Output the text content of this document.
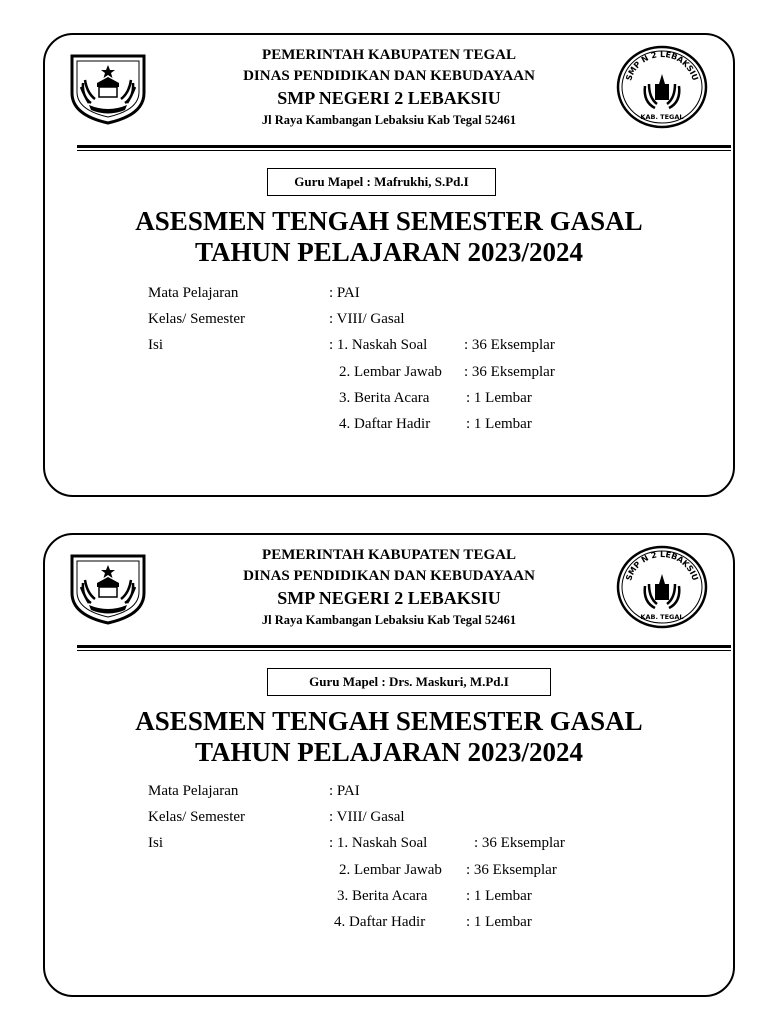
PEMERINTAH KABUPATEN TEGAL
DINAS PENDIDIKAN DAN KEBUDAYAAN
SMP NEGERI 2 LEBAKSIU
Jl Raya Kambangan Lebaksiu Kab Tegal 52461
SMP N 2 LEBAKSIU
KAB. TEGAL
Guru Mapel : Mafrukhi, S.Pd.I
ASESMEN TENGAH SEMESTER GASAL
TAHUN PELAJARAN 2023/2024
Mata Pelajaran	: PAI
Kelas/ Semester	: VIII/ Gasal
Isi	: 1. Naskah Soal : 36 Eksemplar
2. Lembar Jawab : 36 Eksemplar
3. Berita Acara : 1 Lembar
4. Daftar Hadir : 1 Lembar
PEMERINTAH KABUPATEN TEGAL
DINAS PENDIDIKAN DAN KEBUDAYAAN
SMP NEGERI 2 LEBAKSIU
Jl Raya Kambangan Lebaksiu Kab Tegal 52461
SMP N 2 LEBAKSIU
KAB. TEGAL
Guru Mapel : Drs. Maskuri, M.Pd.I
ASESMEN TENGAH SEMESTER GASAL
TAHUN PELAJARAN 2023/2024
Mata Pelajaran	: PAI
Kelas/ Semester	: VIII/ Gasal
Isi	: 1. Naskah Soal	: 36 Eksemplar
2. Lembar Jawab : 36 Eksemplar
3. Berita Acara	: 1 Lembar
4. Daftar Hadir	: 1 Lembar
